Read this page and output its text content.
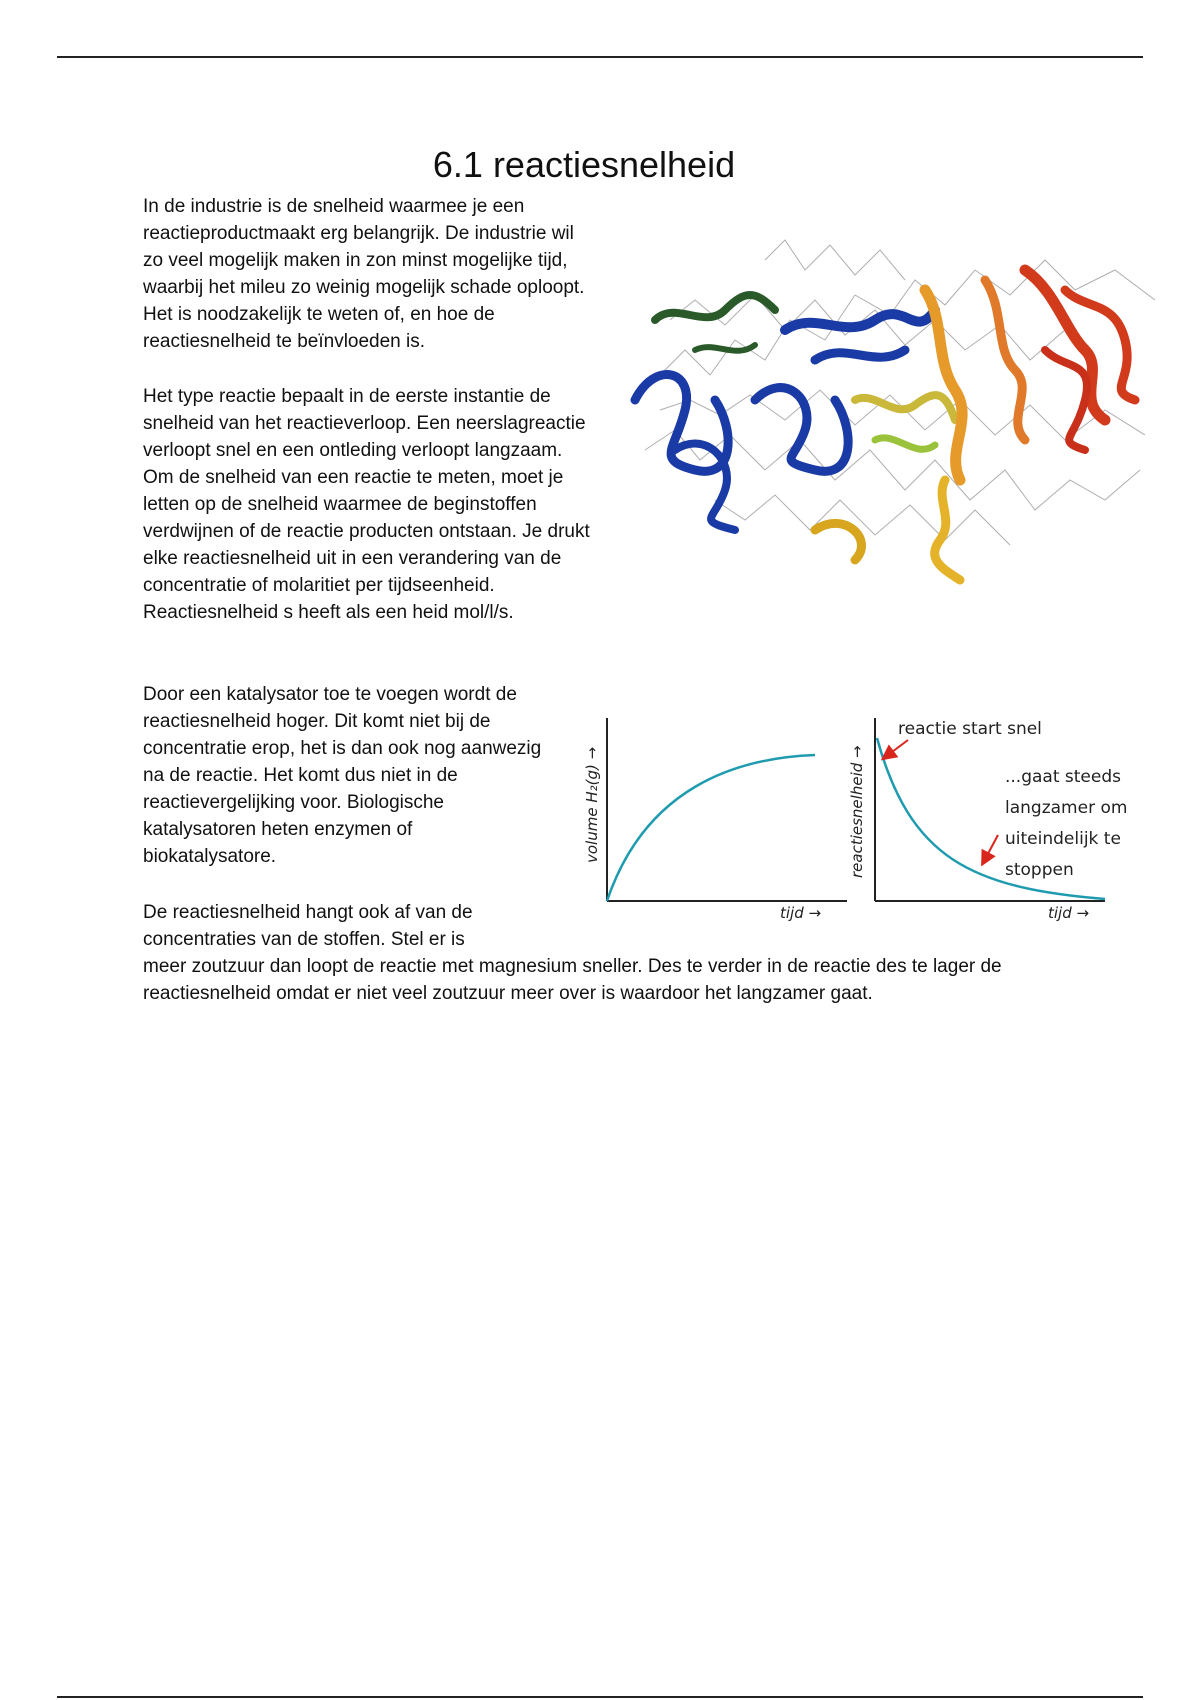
6.1 reactiesnelheid

In de industrie is de snelheid waarmee je een reactieproductmaakt erg belangrijk. De industrie wil zo veel mogelijk maken in zon minst mogelijke tijd, waarbij het mileu zo weinig mogelijk schade oploopt. Het is noodzakelijk te weten of, en hoe de reactiesnelheid te beïnvloeden is.

Het type reactie bepaalt in de eerste instantie de snelheid van het reactieverloop. Een neerslagreactie verloopt snel en een ontleding verloopt langzaam. Om de snelheid van een reactie te meten, moet je letten op de snelheid waarmee de beginstoffen verdwijnen of de reactie producten ontstaan. Je drukt elke reactiesnelheid uit in een verandering van de concentratie of molaritiet per tijdseenheid. Reactiesnelheid s heeft als een heid mol/l/s.

Door een katalysator toe te voegen wordt de reactiesnelheid hoger. Dit komt niet bij de concentratie erop, het is dan ook nog aanwezig na de reactie. Het komt dus niet in de reactievergelijking voor. Biologische katalysatoren heten enzymen of biokatalysatore.

De reactiesnelheid hangt ook af van de concentraties van de stoffen. Stel er is
meer zoutzuur dan loopt de reactie met magnesium sneller. Des te verder in de reactie des te lager de reactiesnelheid omdat er niet veel zoutzuur meer over is waardoor het langzamer gaat.

volume H₂(g) →
tijd →
reactiesnelheid →
tijd →
reactie start snel
...gaat steeds
langzamer om
uiteindelijk te
stoppen
